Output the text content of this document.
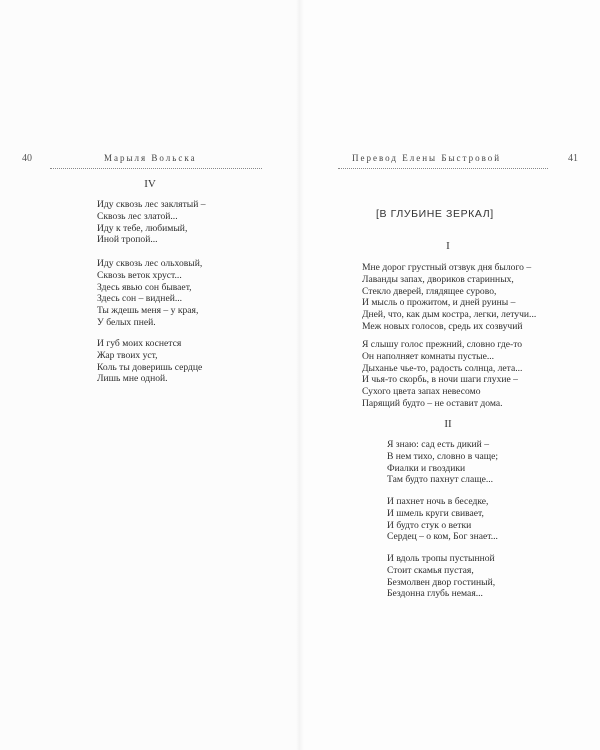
40	Марыля Вольска	Перевод Елены Быстровой	41
IV
Иду сквозь лес заклятый –
Сквозь лес златой...
Иду к тебе, любимый,
Иной тропой...
Иду сквозь лес ольховый,
Сквозь веток хруст...
Здесь явью сон бывает,
Здесь сон – видней...
Ты ждешь меня – у края,
У белых пней.
И губ моих коснется
Жар твоих уст,
Коль ты доверишь сердце
Лишь мне одной.
[В ГЛУБИНЕ ЗЕРКАЛ]
I
Мне дорог грустный отзвук дня былого –
Лаванды запах, двориков старинных,
Стекло дверей, глядящее сурово,
И мысль о прожитом, и дней руины –
Дней, что, как дым костра, легки, летучи...
Меж новых голосов, средь их созвучий
Я слышу голос прежний, словно где-то
Он наполняет комнаты пустые...
Дыханье чье-то, радость солнца, лета...
И чья-то скорбь, в ночи шаги глухие –
Сухого цвета запах невесомо
Парящий будто – не оставит дома.
II
Я знаю: сад есть дикий –
В нем тихо, словно в чаще;
Фиалки и гвоздики
Там будто пахнут слаще...
И пахнет ночь в беседке,
И шмель круги свивает,
И будто стук о ветки
Сердец – о ком, Бог знает...
И вдоль тропы пустынной
Стоит скамья пустая,
Безмолвен двор гостиный,
Бездонна глубь немая...
